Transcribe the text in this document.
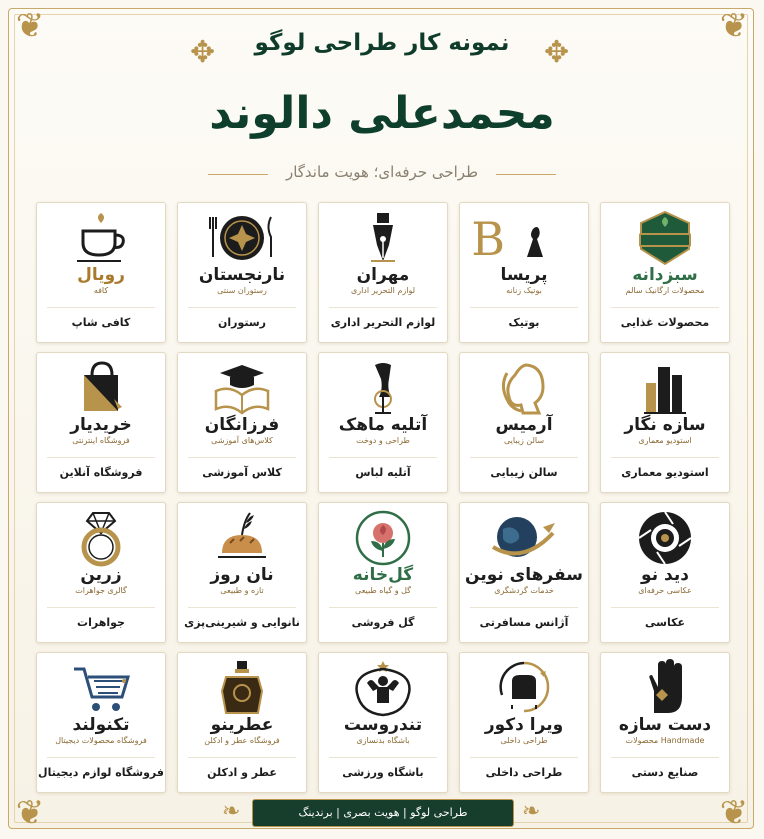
❦	❦
❦	❦
✥	✥
نمونه کار طراحی لوگو
محمدعلی دالوند
طراحی حرفه‌ای؛ هویت ماندگار
سبزدانه
محصولات ارگانیک سالم
محصولات غذایی
B
پریسا
بوتیک زنانه
بوتیک
مهران
لوازم التحریر اداری
لوازم التحریر اداری
نارنجستان
رستوران سنتی
رستوران
رویال
کافه
کافی شاپ
سازه نگار
استودیو معماری
استودیو معماری
آرمیس
سالن زیبایی
سالن زیبایی
آتلیه ماهک
طراحی و دوخت
آتلیه لباس
فرزانگان
کلاس‌های آموزشی
کلاس آموزشی
خریدیار
فروشگاه اینترنتی
فروشگاه آنلاین
دید نو
عکاسی حرفه‌ای
عکاسی
سفرهای نوین
خدمات گردشگری
آژانس مسافرتی
گل‌خانه
گل و گیاه طبیعی
گل فروشی
نان روز
تازه و طبیعی
نانوایی و شیرینی‌پزی
زرین
گالری جواهرات
جواهرات
دست سازه
Handmade محصولات
صنایع دستی
ویرا دکور
طراحی داخلی
طراحی داخلی
تندروست
باشگاه بدنسازی
باشگاه ورزشی
عطرینو
فروشگاه عطر و ادکلن
عطر و ادکلن
تکنولند
فروشگاه محصولات دیجیتال
فروشگاه لوازم دیجیتال
❧	طراحی لوگو | هویت بصری | برندینگ	❧
